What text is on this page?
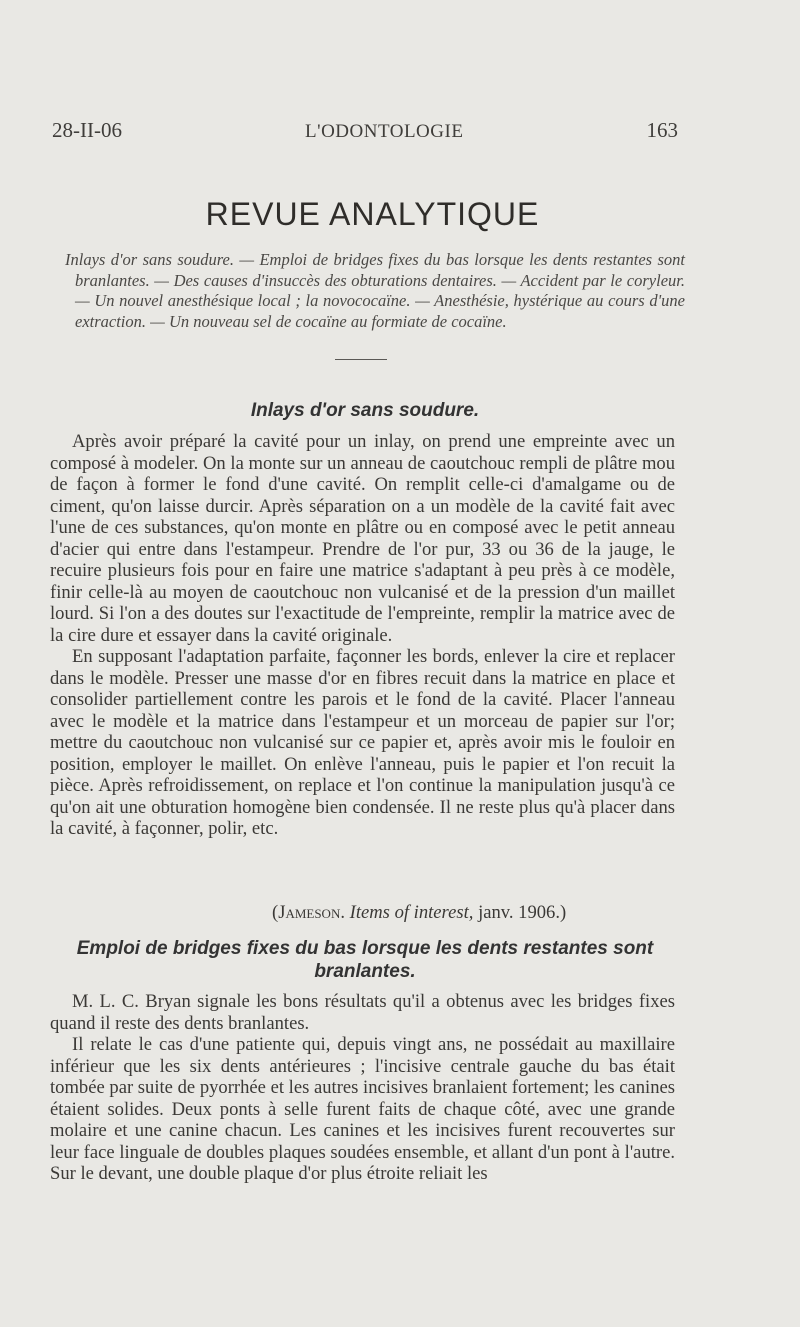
28-II-06	L'ODONTOLOGIE	163
REVUE ANALYTIQUE
Inlays d'or sans soudure. — Emploi de bridges fixes du bas lorsque les dents restantes sont branlantes. — Des causes d'insuccès des obturations dentaires. — Accident par le coryleur. — Un nouvel anesthésique local ; la novococaïne. — Anesthésie, hystérique au cours d'une extraction. — Un nouveau sel de cocaïne au formiate de cocaïne.
Inlays d'or sans soudure.

Après avoir préparé la cavité pour un inlay, on prend une empreinte avec un composé à modeler. On la monte sur un anneau de caoutchouc rempli de plâtre mou de façon à former le fond d'une cavité. On remplit celle-ci d'amalgame ou de ciment, qu'on laisse durcir. Après séparation on a un modèle de la cavité fait avec l'une de ces substances, qu'on monte en plâtre ou en composé avec le petit anneau d'acier qui entre dans l'estampeur. Prendre de l'or pur, 33 ou 36 de la jauge, le recuire plusieurs fois pour en faire une matrice s'adaptant à peu près à ce modèle, finir celle-là au moyen de caoutchouc non vulcanisé et de la pression d'un maillet lourd. Si l'on a des doutes sur l'exactitude de l'empreinte, remplir la matrice avec de la cire dure et essayer dans la cavité originale.

En supposant l'adaptation parfaite, façonner les bords, enlever la cire et replacer dans le modèle. Presser une masse d'or en fibres recuit dans la matrice en place et consolider partiellement contre les parois et le fond de la cavité. Placer l'anneau avec le modèle et la matrice dans l'estampeur et un morceau de papier sur l'or; mettre du caoutchouc non vulcanisé sur ce papier et, après avoir mis le fouloir en position, employer le maillet. On enlève l'anneau, puis le papier et l'on recuit la pièce. Après refroidissement, on replace et l'on continue la manipulation jusqu'à ce qu'on ait une obturation homogène bien condensée. Il ne reste plus qu'à placer dans la cavité, à façonner, polir, etc.

(Jameson. Items of interest, janv. 1906.)
Emploi de bridges fixes du bas lorsque les dents restantes sont branlantes.

M. L. C. Bryan signale les bons résultats qu'il a obtenus avec les bridges fixes quand il reste des dents branlantes.

Il relate le cas d'une patiente qui, depuis vingt ans, ne possédait au maxillaire inférieur que les six dents antérieures ; l'incisive centrale gauche du bas était tombée par suite de pyorrhée et les autres incisives branlaient fortement; les canines étaient solides. Deux ponts à selle furent faits de chaque côté, avec une grande molaire et une canine chacun. Les canines et les incisives furent recouvertes sur leur face linguale de doubles plaques soudées ensemble, et allant d'un pont à l'autre. Sur le devant, une double plaque d'or plus étroite reliait les
